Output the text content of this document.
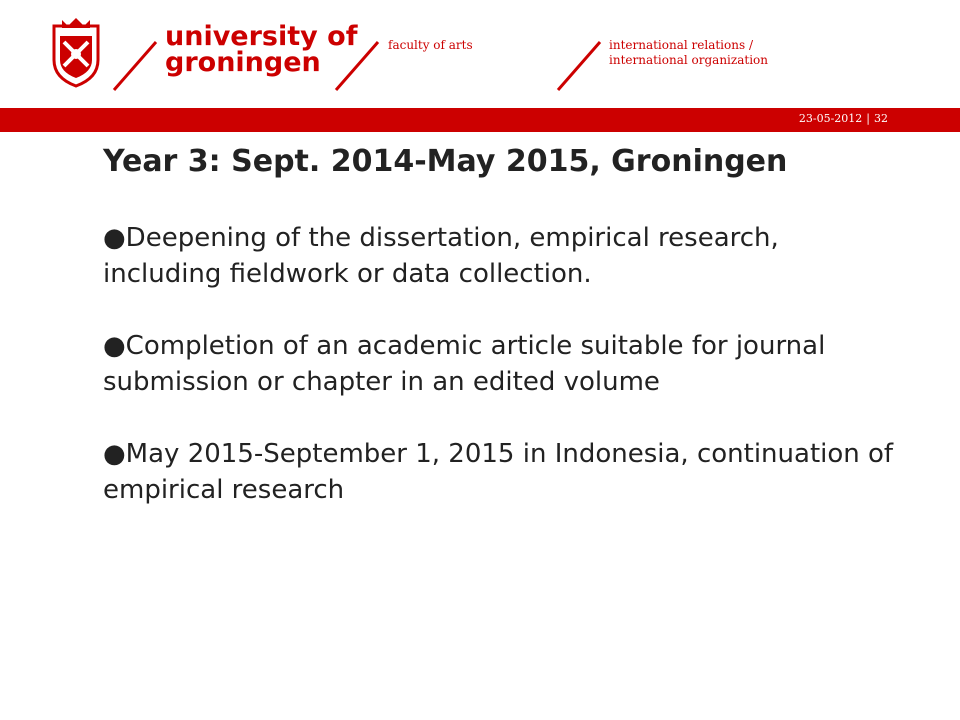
university of
groningen
faculty of arts	international relations /
international organization
23-05-2012 | 32
Year 3: Sept. 2014-May 2015, Groningen
●Deepening of the dissertation, empirical research, including fieldwork or data collection.
●Completion of an academic article suitable for journal submission or chapter in an edited volume
●May 2015-September 1, 2015 in Indonesia, continuation of empirical research
